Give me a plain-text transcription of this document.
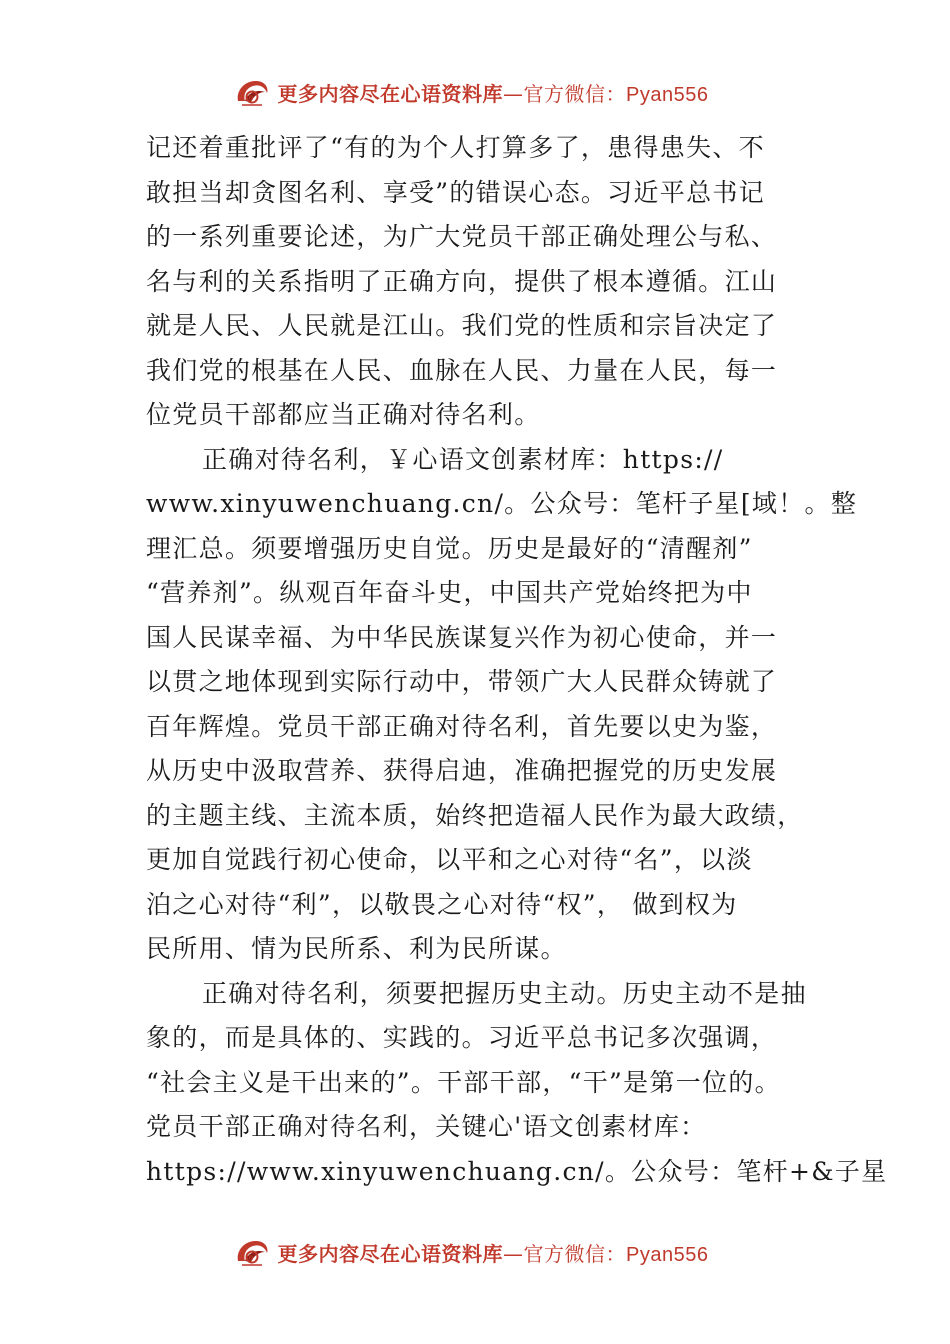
e 更多内容尽在心语资料库—官方微信：Pyan556
记还着重批评了“有的为个人打算多了，患得患失、不
敢担当却贪图名利、享受”的错误心态。习近平总书记
的一系列重要论述，为广大党员干部正确处理公与私、
名与利的关系指明了正确方向，提供了根本遵循。江山
就是人民、人民就是江山。我们党的性质和宗旨决定了
我们党的根基在人民、血脉在人民、力量在人民，每一
位党员干部都应当正确对待名利。
正确对待名利，￥心语文创素材库：https://
www.xinyuwenchuang.cn/。公众号：笔杆子星[域！。整
理汇总。须要增强历史自觉。历史是最好的“清醒剂”
“营养剂”。纵观百年奋斗史，中国共产党始终把为中
国人民谋幸福、为中华民族谋复兴作为初心使命，并一
以贯之地体现到实际行动中，带领广大人民群众铸就了
百年辉煌。党员干部正确对待名利，首先要以史为鉴，
从历史中汲取营养、获得启迪，准确把握党的历史发展
的主题主线、主流本质，始终把造福人民作为最大政绩，
更加自觉践行初心使命，以平和之心对待“名”，以淡
泊之心对待“利”，以敬畏之心对待“权”， 做到权为
民所用、情为民所系、利为民所谋。
正确对待名利，须要把握历史主动。历史主动不是抽
象的，而是具体的、实践的。习近平总书记多次强调，
“社会主义是干出来的”。干部干部，“干”是第一位的。
党员干部正确对待名利，关键心'语文创素材库：
https://www.xinyuwenchuang.cn/。公众号：笔杆+&子星
e 更多内容尽在心语资料库—官方微信：Pyan556
